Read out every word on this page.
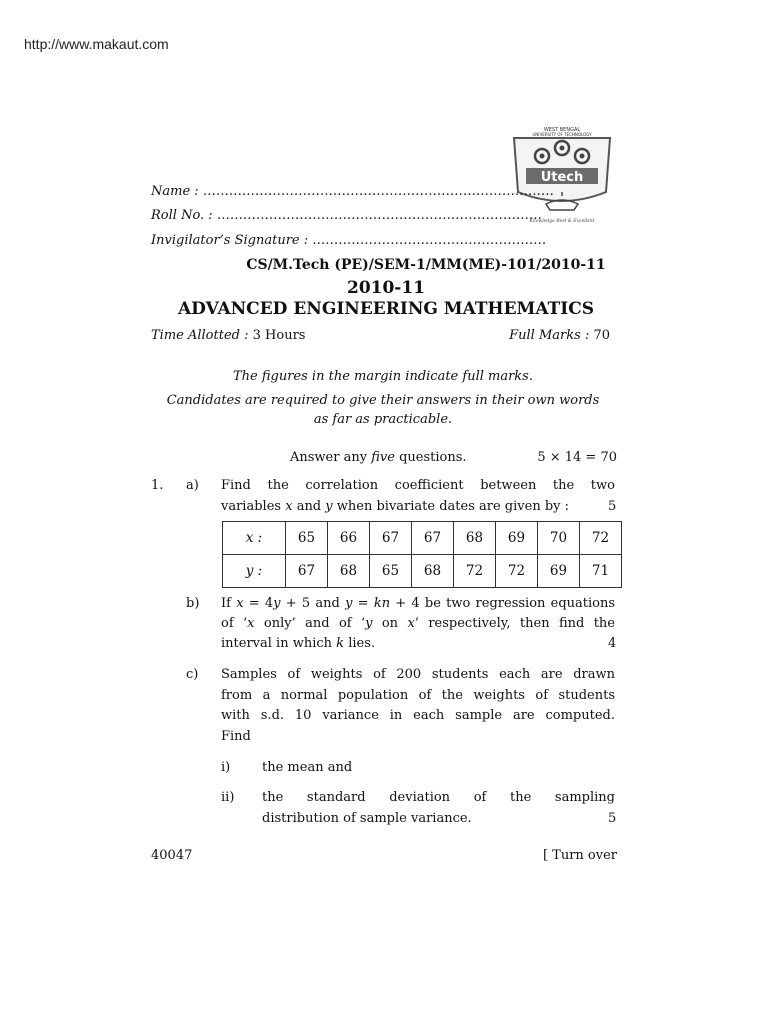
http://www.makaut.com
WEST BENGAL
UNIVERSITY OF TECHNOLOGY
Utech
Knowledge Best & Excellent
Name : ………………………………………………………………………
Roll No. : …………………………………………………………………
Invigilator’s Signature : ………………………………………………
CS/M.Tech (PE)/SEM-1/MM(ME)-101/2010-11
2010-11
ADVANCED ENGINEERING MATHEMATICS
Time Allotted : 3 Hours	Full Marks : 70
The figures in the margin indicate full marks.
Candidates are required to give their answers in their own words
as far as practicable.
Answer any five questions.	5 × 14 = 70
1. a) Find the correlation coefficient between the two
variables x and y when bivariate dates are given by :	5
x :	65	66	67	67	68	69	70	72
y :	67	68	65	68	72	72	69	71
b) If x = 4y + 5 and y = kn + 4 be two regression equations
of ‘x only’ and of ‘y on x’ respectively, then find the
interval in which k lies.	4
c) Samples of weights of 200 students each are drawn
from a normal population of the weights of students
with s.d. 10 variance in each sample are computed.
Find
i) the mean and
ii) the standard deviation of the sampling
distribution of sample variance.	5
40047	[ Turn over
